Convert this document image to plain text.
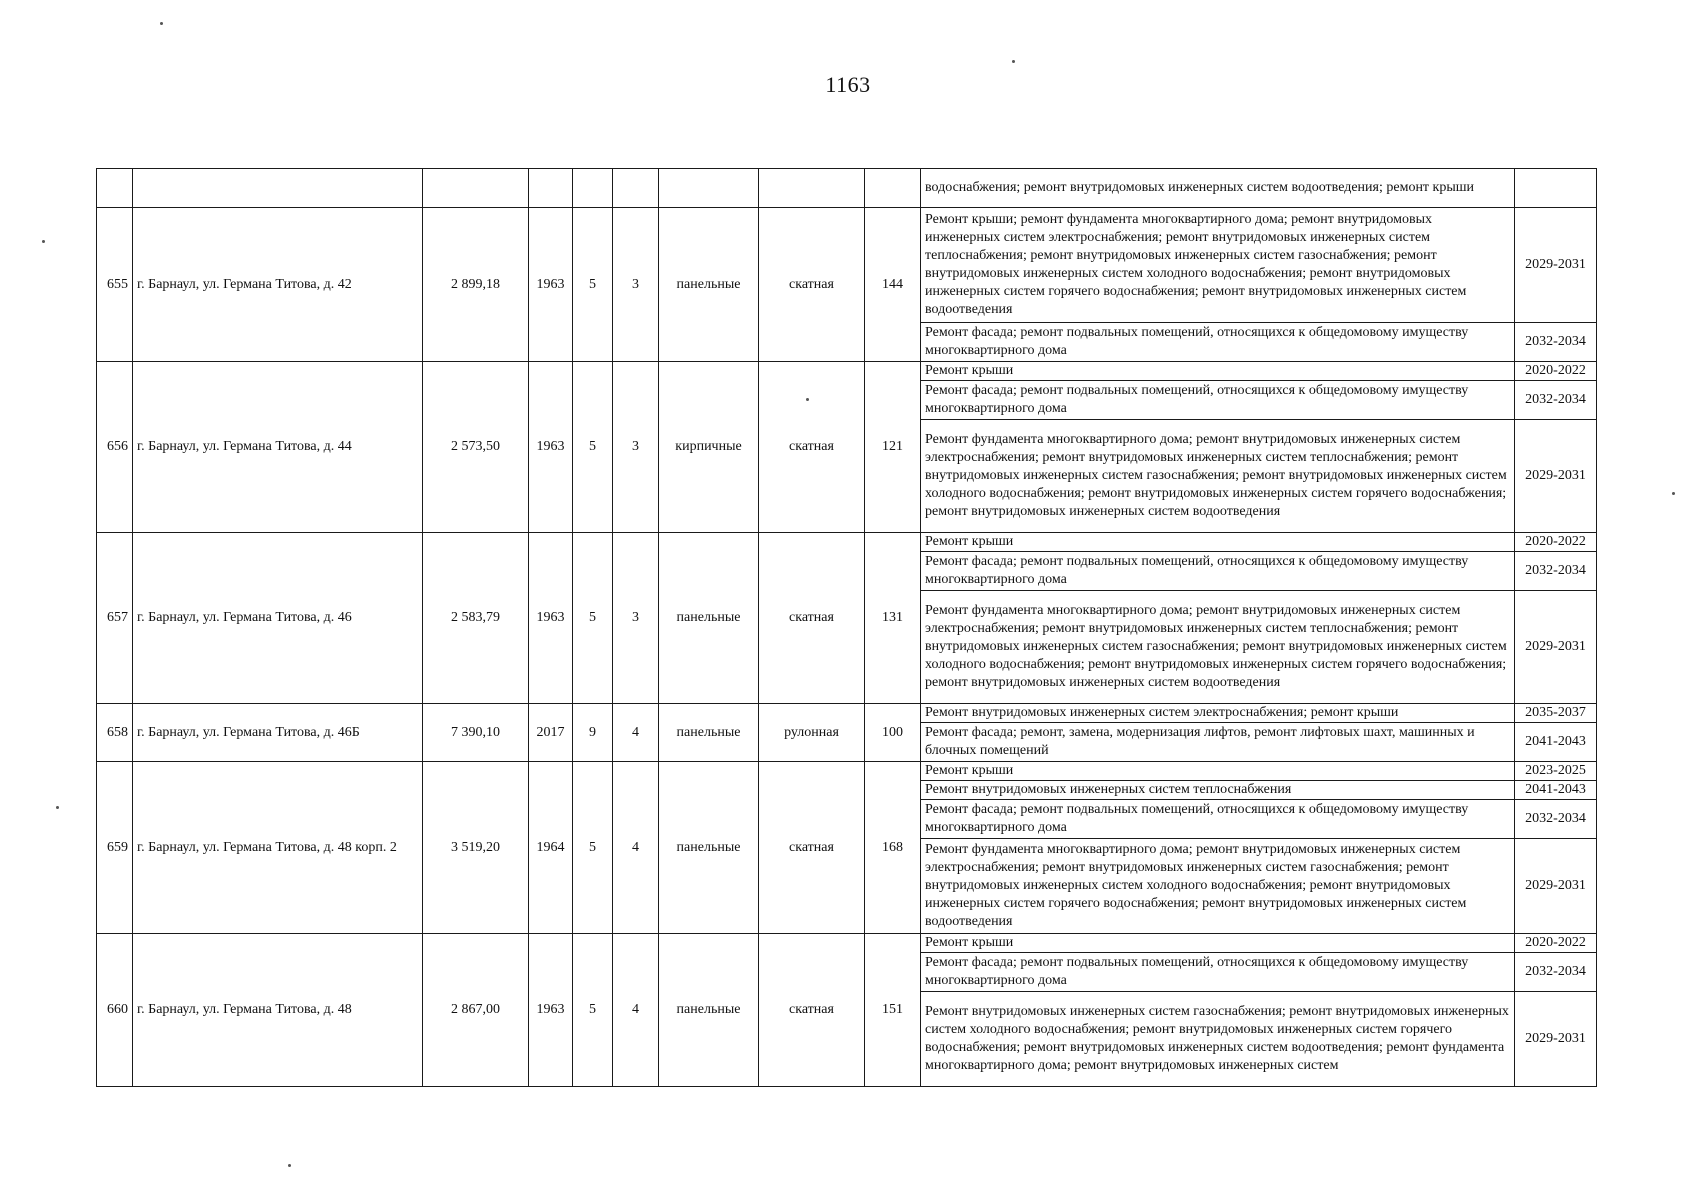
1163
									водоснабжения; ремонт внутридомовых инженерных систем водоотведения; ремонт крыши	
655	г. Барнаул, ул. Германа Титова, д. 42	2 899,18	1963	5	3	панельные	скатная	144	Ремонт крыши; ремонт фундамента многоквартирного дома; ремонт внутридомовых инженерных систем электроснабжения; ремонт внутридомовых инженерных систем теплоснабжения; ремонт внутридомовых инженерных систем газоснабжения; ремонт внутридомовых инженерных систем холодного водоснабжения; ремонт внутридомовых инженерных систем горячего водоснабжения; ремонт внутридомовых инженерных систем водоотведения	2029-2031
									Ремонт фасада; ремонт подвальных помещений, относящихся к общедомовому имуществу многоквартирного дома	2032-2034
656	г. Барнаул, ул. Германа Титова, д. 44	2 573,50	1963	5	3	кирпичные	скатная	121	Ремонт крыши	2020-2022
									Ремонт фасада; ремонт подвальных помещений, относящихся к общедомовому имуществу многоквартирного дома	2032-2034
									Ремонт фундамента многоквартирного дома; ремонт внутридомовых инженерных систем электроснабжения; ремонт внутридомовых инженерных систем теплоснабжения; ремонт внутридомовых инженерных систем газоснабжения; ремонт внутридомовых инженерных систем холодного водоснабжения; ремонт внутридомовых инженерных систем горячего водоснабжения; ремонт внутридомовых инженерных систем водоотведения	2029-2031
657	г. Барнаул, ул. Германа Титова, д. 46	2 583,79	1963	5	3	панельные	скатная	131	Ремонт крыши	2020-2022
									Ремонт фасада; ремонт подвальных помещений, относящихся к общедомовому имуществу многоквартирного дома	2032-2034
									Ремонт фундамента многоквартирного дома; ремонт внутридомовых инженерных систем электроснабжения; ремонт внутридомовых инженерных систем теплоснабжения; ремонт внутридомовых инженерных систем газоснабжения; ремонт внутридомовых инженерных систем холодного водоснабжения; ремонт внутридомовых инженерных систем горячего водоснабжения; ремонт внутридомовых инженерных систем водоотведения	2029-2031
658	г. Барнаул, ул. Германа Титова, д. 46Б	7 390,10	2017	9	4	панельные	рулонная	100	Ремонт внутридомовых инженерных систем электроснабжения; ремонт крыши	2035-2037
									Ремонт фасада; ремонт, замена, модернизация лифтов, ремонт лифтовых шахт, машинных и блочных помещений	2041-2043
659	г. Барнаул, ул. Германа Титова, д. 48 корп. 2	3 519,20	1964	5	4	панельные	скатная	168	Ремонт крыши	2023-2025
									Ремонт внутридомовых инженерных систем теплоснабжения	2041-2043
									Ремонт фасада; ремонт подвальных помещений, относящихся к общедомовому имуществу многоквартирного дома	2032-2034
									Ремонт фундамента многоквартирного дома; ремонт внутридомовых инженерных систем электроснабжения; ремонт внутридомовых инженерных систем газоснабжения; ремонт внутридомовых инженерных систем холодного водоснабжения; ремонт внутридомовых инженерных систем горячего водоснабжения; ремонт внутридомовых инженерных систем водоотведения	2029-2031
660	г. Барнаул, ул. Германа Титова, д. 48	2 867,00	1963	5	4	панельные	скатная	151	Ремонт крыши	2020-2022
									Ремонт фасада; ремонт подвальных помещений, относящихся к общедомовому имуществу многоквартирного дома	2032-2034
									Ремонт внутридомовых инженерных систем газоснабжения; ремонт внутридомовых инженерных систем холодного водоснабжения; ремонт внутридомовых инженерных систем горячего водоснабжения; ремонт внутридомовых инженерных систем водоотведения; ремонт фундамента многоквартирного дома; ремонт внутридомовых инженерных систем	2029-2031
